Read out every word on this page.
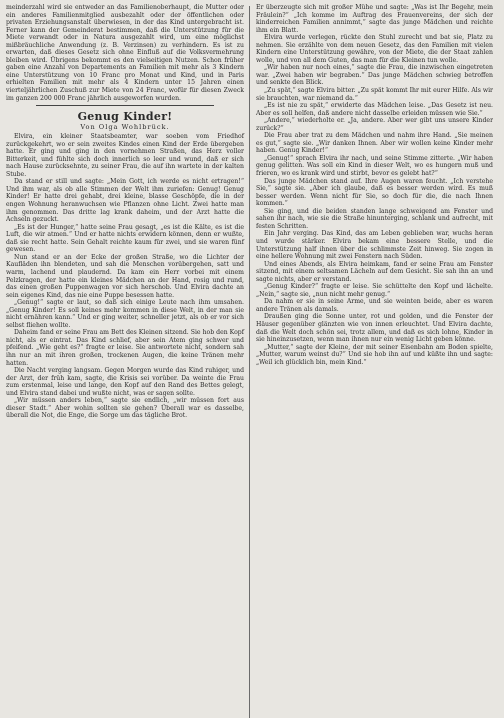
meinderzahl wird sie entweder an das Familienoberhaupt, die Mutter oder ein anderes Familienmitglied ausbezahlt oder der öffentlichen oder privaten Erziehungsanstalt überwiesen, in der das Kind untergebracht ist. Ferner kann der Gemeinderat bestimmen, daß die Unterstützung für die Miete verwandt oder in Natura ausgezahlt wird, um eine möglichst mißbräuchliche Anwendung (z. B. Verzinsen) zu verhindern. Es ist zu erwarten, daß dieses Gesetz sich ohne Einfluß auf die Volksvermehrung bleiben wird. Übrigens bekommt es den vielseitigen Nutzen. Schon früher gaben eine Anzahl von Departements an Familien mit mehr als 3 Kindern eine Unterstützung von 10 Franc pro Monat und Kind, und in Paris erhielten Familien mit mehr als 4 Kindern unter 15 Jahren einen vierteljährlichen Zuschuß zur Miete von 24 Franc, wofür für diesen Zweck im ganzen 200 000 Franc jährlich ausgeworfen wurden.

Genug Kinder!
Von Olga Wohlbrück.

Elvira, ein kleiner Staatsbeamter, war soeben vom Friedhof zurückgekehrt, wo er sein zweites Kindes einen Kind der Erde übergeben hatte. Er ging und ging in den vornehmen Straßen, das Herz voller Bitterkeit, und fühlte sich doch innerlich so leer und wund, daß er sich nach Hause zurücksehnte, zu seiner Frau, die auf ihn wartete in der kalten Stube.

Da stand er still und sagte: „Mein Gott, ich werde es nicht ertragen!“ Und ihm war, als ob alle Stimmen der Welt ihm zuriefen: Genug! Genug Kinder! Er hatte drei gehabt, drei kleine, blasse Geschöpfe, die in der engen Wohnung heranwuchsen wie Pflanzen ohne Licht. Zwei hatte man ihm genommen. Das dritte lag krank daheim, und der Arzt hatte die Achseln gezuckt.

„Es ist der Hunger,“ hatte seine Frau gesagt, „es ist die Kälte, es ist die Luft, die wir atmen.“ Und er hatte nichts erwidern können, denn er wußte, daß sie recht hatte. Sein Gehalt reichte kaum für zwei, und sie waren fünf gewesen.

Nun stand er an der Ecke der großen Straße, wo die Lichter der Kaufläden ihn blendeten, und sah die Menschen vorübergehen, satt und warm, lachend und plaudernd. Da kam ein Herr vorbei mit einem Pelzkragen, der hatte ein kleines Mädchen an der Hand, rosig und rund, das einen großen Puppenwagen vor sich herschob. Und Elvira dachte an sein eigenes Kind, das nie eine Puppe besessen hatte.

„Genug!“ sagte er laut, so daß sich einige Leute nach ihm umsahen. „Genug Kinder! Es soll keines mehr kommen in diese Welt, in der man sie nicht ernähren kann.“ Und er ging weiter, schneller jetzt, als ob er vor sich selbst fliehen wollte.

Daheim fand er seine Frau am Bett des Kleinen sitzend. Sie hob den Kopf nicht, als er eintrat. Das Kind schlief, aber sein Atem ging schwer und pfeifend. „Wie geht es?“ fragte er leise. Sie antwortete nicht, sondern sah ihn nur an mit ihren großen, trockenen Augen, die keine Tränen mehr hatten.

Die Nacht verging langsam. Gegen Morgen wurde das Kind ruhiger, und der Arzt, der früh kam, sagte, die Krisis sei vorüber. Da weinte die Frau zum erstenmal, leise und lange, den Kopf auf den Rand des Bettes gelegt, und Elvira stand dabei und wußte nicht, was er sagen sollte.

„Wir müssen anders leben,“ sagte sie endlich, „wir müssen fort aus dieser Stadt.“ Aber wohin sollten sie gehen? Überall war es dasselbe, überall die Not, die Enge, die Sorge um das tägliche Brot.

Er überzeugte sich mit großer Mühe und sagte: „Was ist Ihr Begehr, mein Fräulein?“ „Ich komme im Auftrag des Frauenvereins, der sich der kinderreichen Familien annimmt,“ sagte das junge Mädchen und reichte ihm ein Blatt.

Elvira wurde verlegen, rückte den Stuhl zurecht und bat sie, Platz zu nehmen. Sie erzählte von dem neuen Gesetz, das den Familien mit vielen Kindern eine Unterstützung gewähre, von der Miete, die der Staat zahlen wolle, und von all dem Guten, das man für die Kleinen tun wolle.

„Wir haben nur noch eines,“ sagte die Frau, die inzwischen eingetreten war. „Zwei haben wir begraben.“ Das junge Mädchen schwieg betroffen und senkte den Blick.

„Zu spät,“ sagte Elvira bitter. „Zu spät kommt Ihr mit eurer Hilfe. Als wir sie brauchten, war niemand da.“

„Es ist nie zu spät,“ erwiderte das Mädchen leise. „Das Gesetz ist neu. Aber es soll helfen, daß andere nicht dasselbe erleiden müssen wie Sie.“

„Andere,“ wiederholte er. „Ja, andere. Aber wer gibt uns unsere Kinder zurück?“

Die Frau aber trat zu dem Mädchen und nahm ihre Hand. „Sie meinen es gut,“ sagte sie. „Wir danken Ihnen. Aber wir wollen keine Kinder mehr haben. Genug Kinder!“

„Genug!“ sprach Elvira ihr nach, und seine Stimme zitterte. „Wir haben genug gelitten. Was soll ein Kind in dieser Welt, wo es hungern muß und frieren, wo es krank wird und stirbt, bevor es gelebt hat?“

Das junge Mädchen stand auf. Ihre Augen waren feucht. „Ich verstehe Sie,“ sagte sie. „Aber ich glaube, daß es besser werden wird. Es muß besser werden. Wenn nicht für Sie, so doch für die, die nach Ihnen kommen.“

Sie ging, und die beiden standen lange schweigend am Fenster und sahen ihr nach, wie sie die Straße hinunterging, schlank und aufrecht, mit festen Schritten.

Ein Jahr verging. Das Kind, das am Leben geblieben war, wuchs heran und wurde stärker. Elvira bekam eine bessere Stelle, und die Unterstützung half ihnen über die schlimmste Zeit hinweg. Sie zogen in eine hellere Wohnung mit zwei Fenstern nach Süden.

Und eines Abends, als Elvira heimkam, fand er seine Frau am Fenster sitzend, mit einem seltsamen Lächeln auf dem Gesicht. Sie sah ihn an und sagte nichts, aber er verstand.

„Genug Kinder?“ fragte er leise. Sie schüttelte den Kopf und lächelte. „Nein,“ sagte sie, „nun nicht mehr genug.“

Da nahm er sie in seine Arme, und sie weinten beide, aber es waren andere Tränen als damals.

Draußen ging die Sonne unter, rot und golden, und die Fenster der Häuser gegenüber glänzten wie von innen erleuchtet. Und Elvira dachte, daß die Welt doch schön sei, trotz allem, und daß es sich lohne, Kinder in sie hineinzusetzen, wenn man ihnen nur ein wenig Licht geben könne.

„Mutter,“ sagte der Kleine, der mit seiner Eisenbahn am Boden spielte, „Mutter, warum weinst du?“ Und sie hob ihn auf und küßte ihn und sagte: „Weil ich glücklich bin, mein Kind.“
